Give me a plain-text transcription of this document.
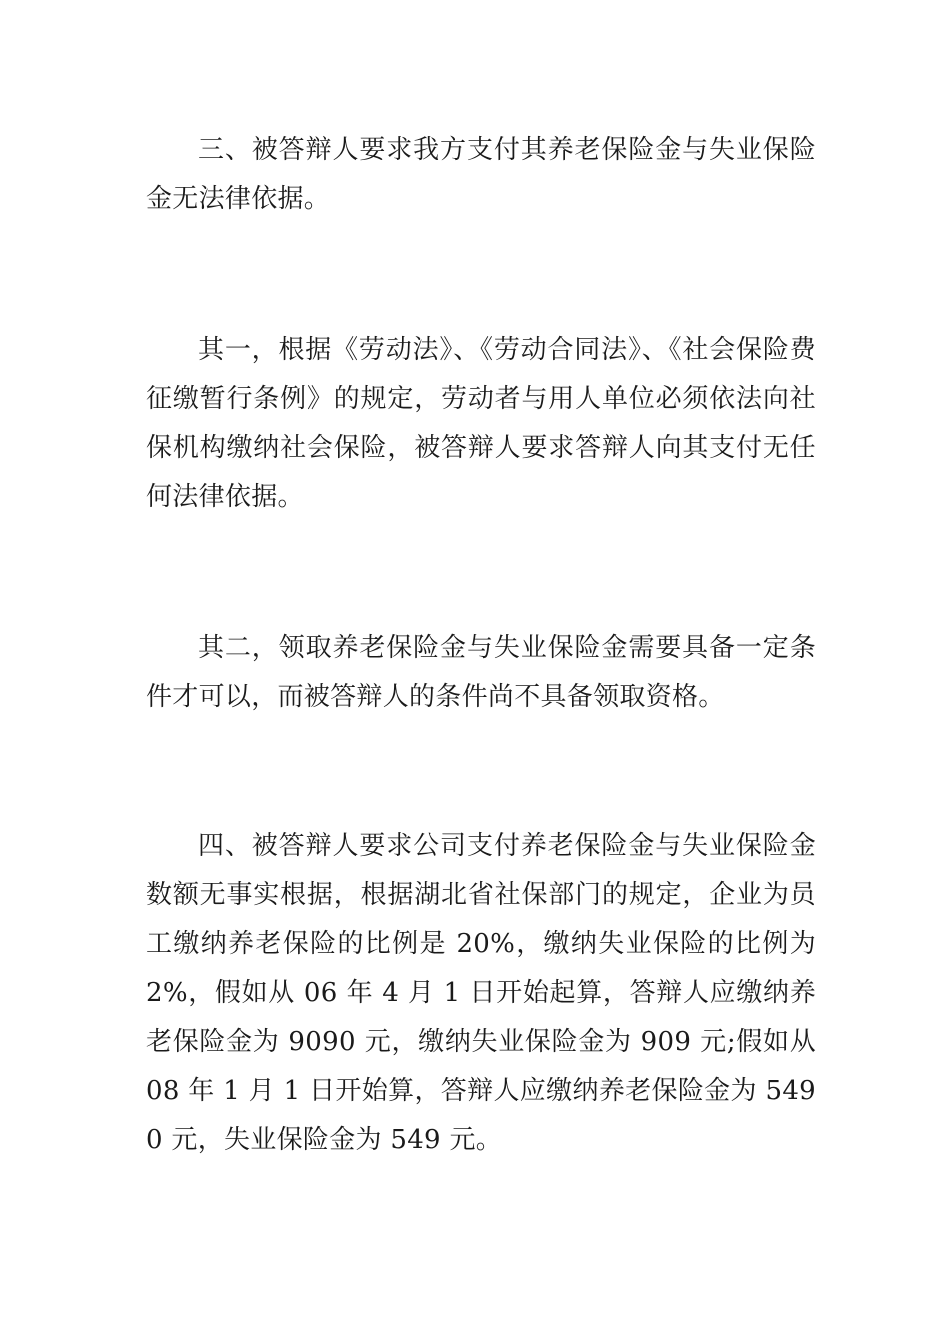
三、被答辩人要求我方支付其养老保险金与失业保险金无法律依据。

其一，根据《劳动法》、《劳动合同法》、《社会保险费征缴暂行条例》的规定，劳动者与用人单位必须依法向社保机构缴纳社会保险，被答辩人要求答辩人向其支付无任何法律依据。

其二，领取养老保险金与失业保险金需要具备一定条件才可以，而被答辩人的条件尚不具备领取资格。

四、被答辩人要求公司支付养老保险金与失业保险金数额无事实根据，根据湖北省社保部门的规定，企业为员工缴纳养老保险的比例是 20%，缴纳失业保险的比例为 2%，假如从 06 年 4 月 1 日开始起算，答辩人应缴纳养老保险金为 9090 元，缴纳失业保险金为 909 元;假如从 08 年 1 月 1 日开始算，答辩人应缴纳养老保险金为 5490 元，失业保险金为 549 元。
